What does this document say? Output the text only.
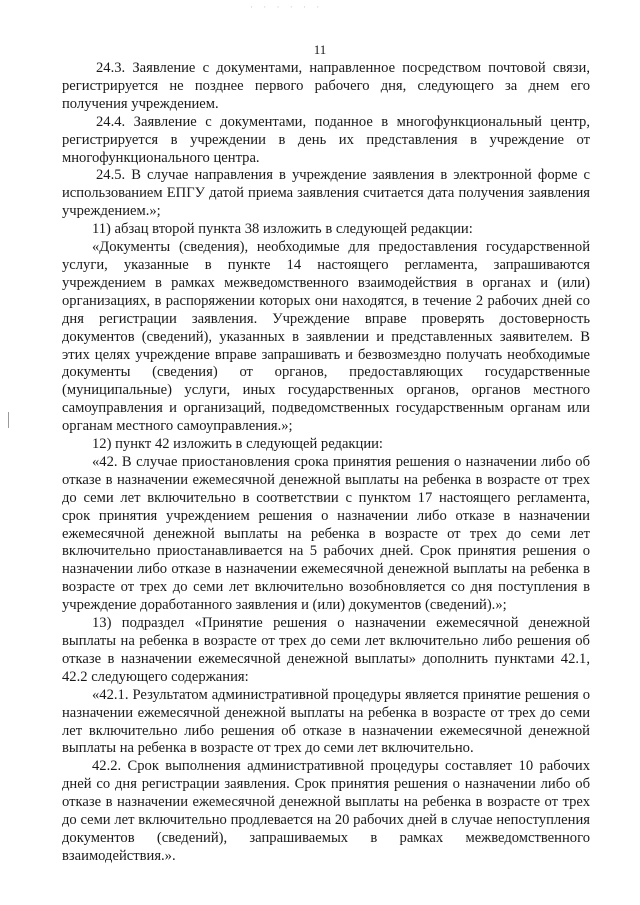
· · · · · ·
11

24.3. Заявление с документами, направленное посредством почтовой связи, регистрируется не позднее первого рабочего дня, следующего за днем его получения учреждением.

24.4. Заявление с документами, поданное в многофункциональный центр, регистрируется в учреждении в день их представления в учреждение от многофункционального центра.

24.5. В случае направления в учреждение заявления в электронной форме с использованием ЕПГУ датой приема заявления считается дата получения заявления учреждением.»;

11) абзац второй пункта 38 изложить в следующей редакции:

«Документы (сведения), необходимые для предоставления государственной услуги, указанные в пункте 14 настоящего регламента, запрашиваются учреждением в рамках межведомственного взаимодействия в органах и (или) организациях, в распоряжении которых они находятся, в течение 2 рабочих дней со дня регистрации заявления. Учреждение вправе проверять достоверность документов (сведений), указанных в заявлении и представленных заявителем. В этих целях учреждение вправе запрашивать и безвозмездно получать необходимые документы (сведения) от органов, предоставляющих государственные (муниципальные) услуги, иных государственных органов, органов местного самоуправления и организаций, подведомственных государственным органам или органам местного самоуправления.»;

12) пункт 42 изложить в следующей редакции:

«42. В случае приостановления срока принятия решения о назначении либо об отказе в назначении ежемесячной денежной выплаты на ребенка в возрасте от трех до семи лет включительно в соответствии с пунктом 17 настоящего регламента, срок принятия учреждением решения о назначении либо отказе в назначении ежемесячной денежной выплаты на ребенка в возрасте от трех до семи лет включительно приостанавливается на 5 рабочих дней. Срок принятия решения о назначении либо отказе в назначении ежемесячной денежной выплаты на ребенка в возрасте от трех до семи лет включительно возобновляется со дня поступления в учреждение доработанного заявления и (или) документов (сведений).»;

13) подраздел «Принятие решения о назначении ежемесячной денежной выплаты на ребенка в возрасте от трех до семи лет включительно либо решения об отказе в назначении ежемесячной денежной выплаты» дополнить пунктами 42.1, 42.2 следующего содержания:

«42.1. Результатом административной процедуры является принятие решения о назначении ежемесячной денежной выплаты на ребенка в возрасте от трех до семи лет включительно либо решения об отказе в назначении ежемесячной денежной выплаты на ребенка в возрасте от трех до семи лет включительно.

42.2. Срок выполнения административной процедуры составляет 10 рабочих дней со дня регистрации заявления. Срок принятия решения о назначении либо об отказе в назначении ежемесячной денежной выплаты на ребенка в возрасте от трех до семи лет включительно продлевается на 20 рабочих дней в случае непоступления документов (сведений), запрашиваемых в рамках межведомственного взаимодействия.».
